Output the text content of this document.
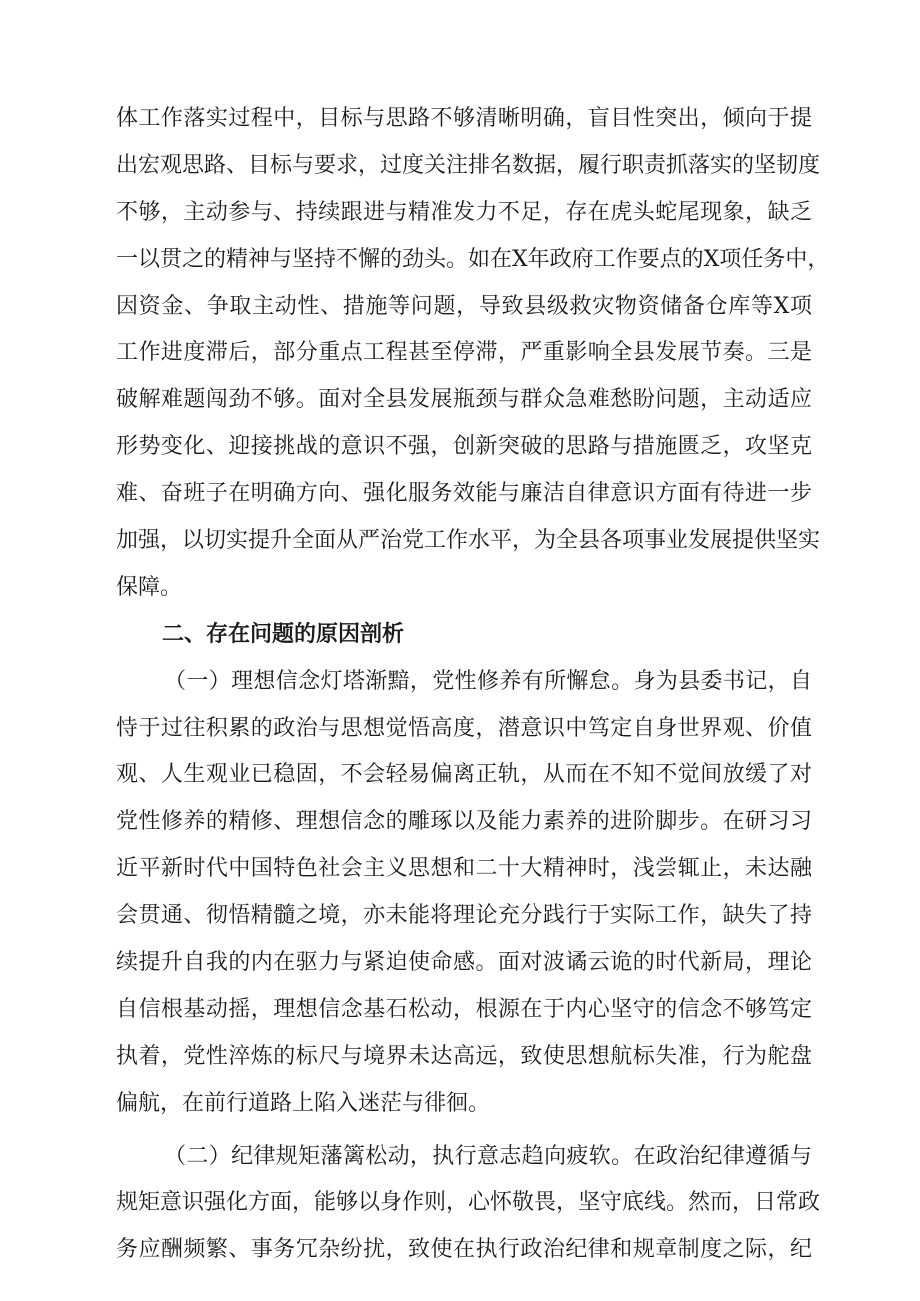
体工作落实过程中，目标与思路不够清晰明确，盲目性突出，倾向于提
出宏观思路、目标与要求，过度关注排名数据，履行职责抓落实的坚韧度
不够，主动参与、持续跟进与精准发力不足，存在虎头蛇尾现象，缺乏
一以贯之的精神与坚持不懈的劲头。如在X年政府工作要点的X项任务中，
因资金、争取主动性、措施等问题，导致县级救灾物资储备仓库等X项
工作进度滞后，部分重点工程甚至停滞，严重影响全县发展节奏。三是
破解难题闯劲不够。面对全县发展瓶颈与群众急难愁盼问题，主动适应
形势变化、迎接挑战的意识不强，创新突破的思路与措施匮乏，攻坚克
难、奋班子在明确方向、强化服务效能与廉洁自律意识方面有待进一步
加强，以切实提升全面从严治党工作水平，为全县各项事业发展提供坚实
保障。
二、存在问题的原因剖析
（一）理想信念灯塔渐黯，党性修养有所懈怠。身为县委书记，自
恃于过往积累的政治与思想觉悟高度，潜意识中笃定自身世界观、价值
观、人生观业已稳固，不会轻易偏离正轨，从而在不知不觉间放缓了对
党性修养的精修、理想信念的雕琢以及能力素养的进阶脚步。在研习习
近平新时代中国特色社会主义思想和二十大精神时，浅尝辄止，未达融
会贯通、彻悟精髓之境，亦未能将理论充分践行于实际工作，缺失了持
续提升自我的内在驱力与紧迫使命感。面对波谲云诡的时代新局，理论
自信根基动摇，理想信念基石松动，根源在于内心坚守的信念不够笃定
执着，党性淬炼的标尺与境界未达高远，致使思想航标失准，行为舵盘
偏航，在前行道路上陷入迷茫与徘徊。
（二）纪律规矩藩篱松动，执行意志趋向疲软。在政治纪律遵循与
规矩意识强化方面，能够以身作则，心怀敬畏，坚守底线。然而，日常政
务应酬频繁、事务冗杂纷扰，致使在执行政治纪律和规章制度之际，纪
